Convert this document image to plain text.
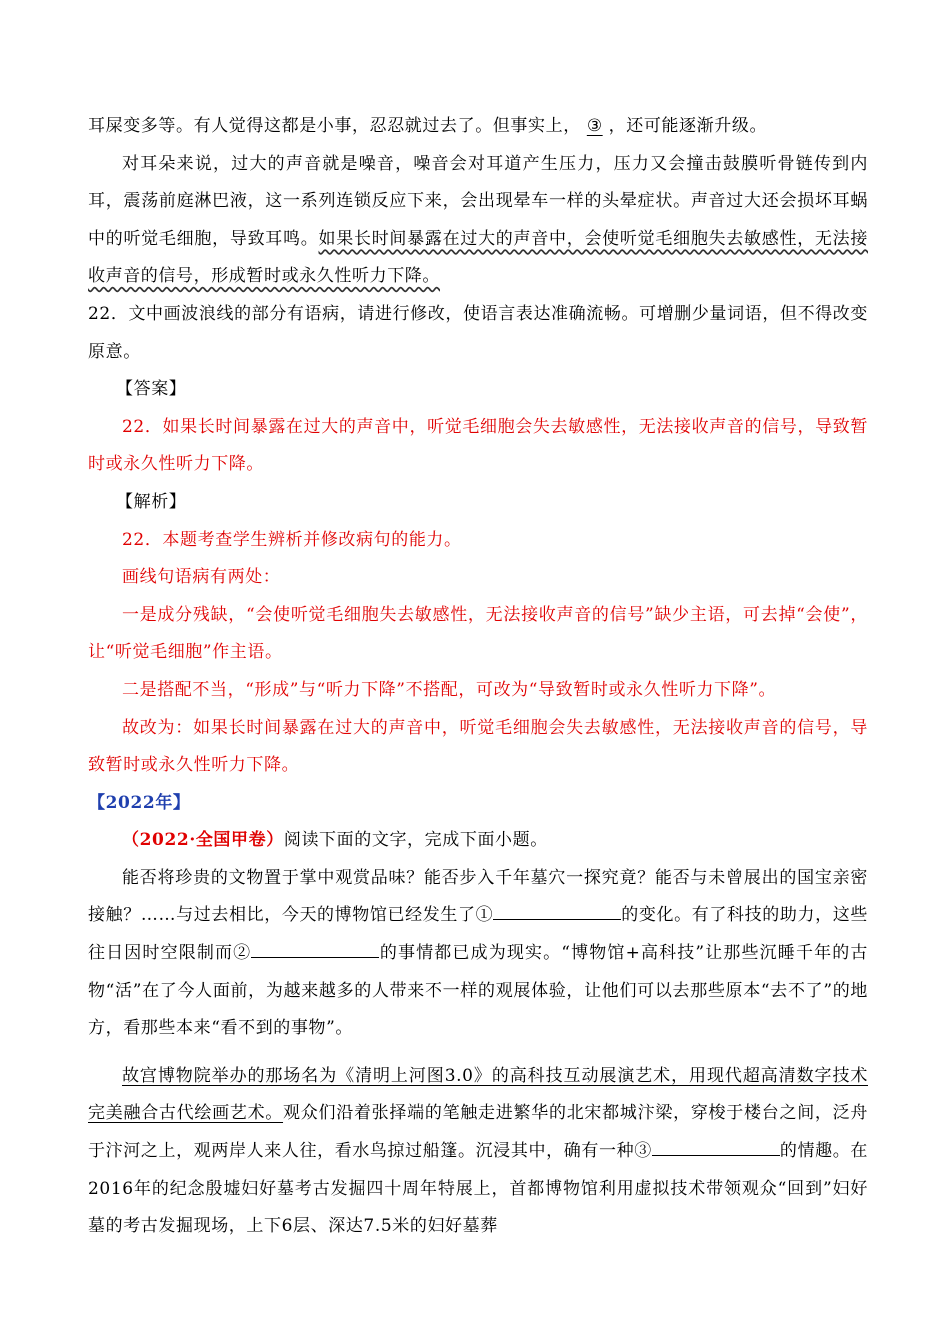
耳屎变多等。有人觉得这都是小事，忍忍就过去了。但事实上， ③ ，还可能逐渐升级。

对耳朵来说，过大的声音就是噪音，噪音会对耳道产生压力，压力又会撞击鼓膜听骨链传到内耳，震荡前庭淋巴液，这一系列连锁反应下来，会出现晕车一样的头晕症状。声音过大还会损坏耳蜗中的听觉毛细胞，导致耳鸣。如果长时间暴露在过大的声音中，会使听觉毛细胞失去敏感性，无法接收声音的信号，形成暂时或永久性听力下降。

22．文中画波浪线的部分有语病，请进行修改，使语言表达准确流畅。可增删少量词语，但不得改变原意。

【答案】

22．如果长时间暴露在过大的声音中，听觉毛细胞会失去敏感性，无法接收声音的信号，导致暂时或永久性听力下降。

【解析】

22．本题考查学生辨析并修改病句的能力。

画线句语病有两处：

一是成分残缺，“会使听觉毛细胞失去敏感性，无法接收声音的信号”缺少主语，可去掉“会使”，让“听觉毛细胞”作主语。

二是搭配不当，“形成”与“听力下降”不搭配，可改为“导致暂时或永久性听力下降”。

故改为：如果长时间暴露在过大的声音中，听觉毛细胞会失去敏感性，无法接收声音的信号，导致暂时或永久性听力下降。

【2022年】

（2022·全国甲卷）阅读下面的文字，完成下面小题。

能否将珍贵的文物置于掌中观赏品味？能否步入千年墓穴一探究竟？能否与未曾展出的国宝亲密接触？……与过去相比，今天的博物馆已经发生了①	的变化。有了科技的助力，这些往日因时空限制而②	的事情都已成为现实。“博物馆+高科技”让那些沉睡千年的古物“活”在了今人面前，为越来越多的人带来不一样的观展体验，让他们可以去那些原本“去不了”的地方，看那些本来“看不到的事物”。

故宫博物院举办的那场名为《清明上河图3.0》的高科技互动展演艺术，用现代超高清数字技术完美融合古代绘画艺术。观众们沿着张择端的笔触走进繁华的北宋都城汴梁，穿梭于楼台之间，泛舟于汴河之上，观两岸人来人往，看水鸟掠过船篷。沉浸其中，确有一种③	的情趣。在2016年的纪念殷墟妇好墓考古发掘四十周年特展上，首都博物馆利用虚拟技术带领观众“回到”妇好墓的考古发掘现场，上下6层、深达7.5米的妇好墓葬
